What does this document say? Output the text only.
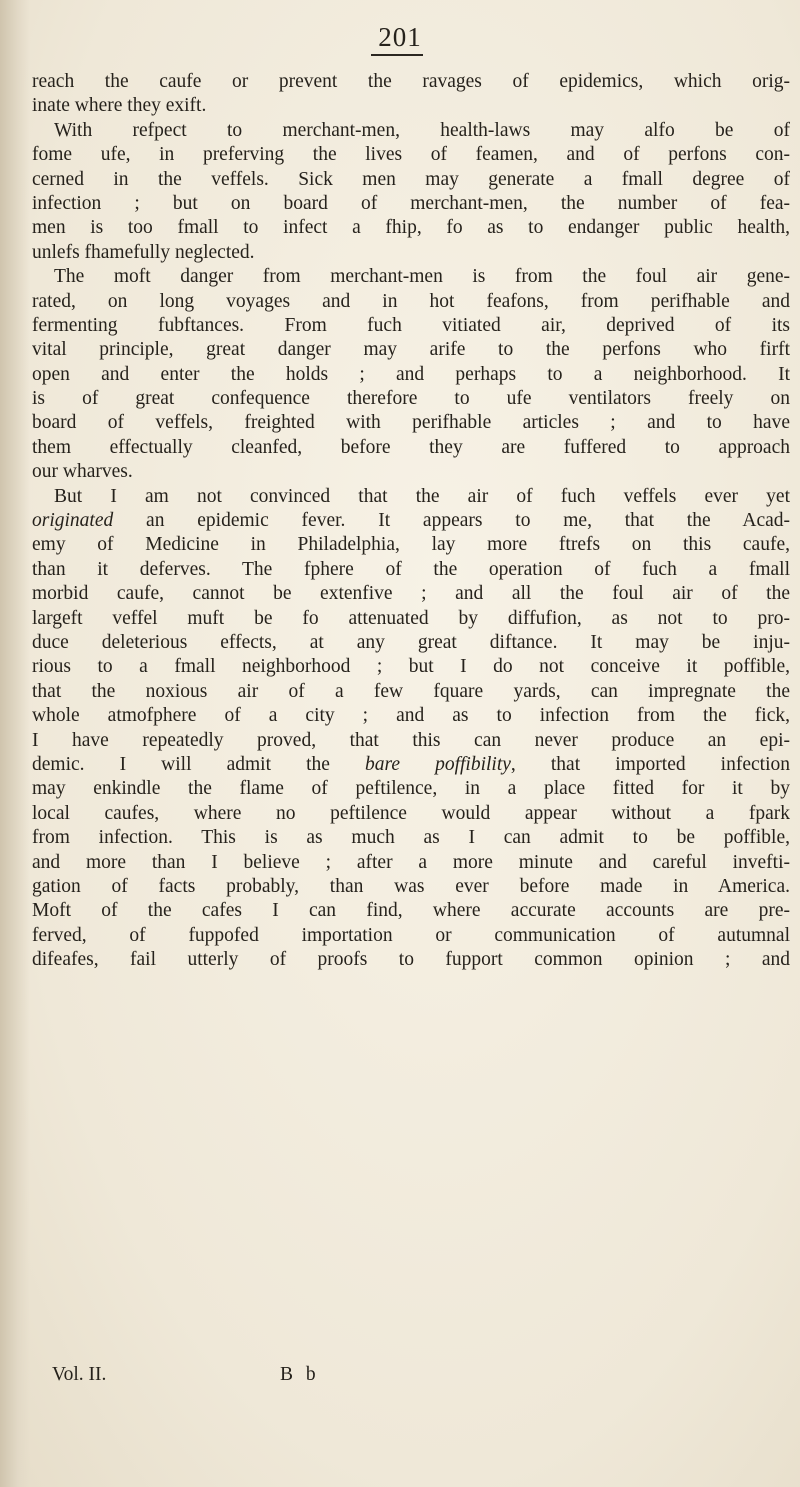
201
reach the caufe or prevent the ravages of epidemics, which orig-
inate where they exift.
With refpect to merchant-men, health-laws may alfo be of
fome ufe, in preferving the lives of feamen, and of perfons con-
cerned in the veffels. Sick men may generate a fmall degree of
infection ; but on board of merchant-men, the number of fea-
men is too fmall to infect a fhip, fo as to endanger public health,
unlefs fhamefully neglected.
The moft danger from merchant-men is from the foul air gene-
rated, on long voyages and in hot feafons, from perifhable and
fermenting fubftances. From fuch vitiated air, deprived of its
vital principle, great danger may arife to the perfons who firft
open and enter the holds ; and perhaps to a neighborhood. It
is of great confequence therefore to ufe ventilators freely on
board of veffels, freighted with perifhable articles ; and to have
them effectually cleanfed, before they are fuffered to approach
our wharves.
But I am not convinced that the air of fuch veffels ever yet
originated an epidemic fever. It appears to me, that the Acad-
emy of Medicine in Philadelphia, lay more ftrefs on this caufe,
than it deferves. The fphere of the operation of fuch a fmall
morbid caufe, cannot be extenfive ; and all the foul air of the
largeft veffel muft be fo attenuated by diffufion, as not to pro-
duce deleterious effects, at any great diftance. It may be inju-
rious to a fmall neighborhood ; but I do not conceive it poffible,
that the noxious air of a few fquare yards, can impregnate the
whole atmofphere of a city ; and as to infection from the fick,
I have repeatedly proved, that this can never produce an epi-
demic. I will admit the bare poffibility, that imported infection
may enkindle the flame of peftilence, in a place fitted for it by
local caufes, where no peftilence would appear without a fpark
from infection. This is as much as I can admit to be poffible,
and more than I believe ; after a more minute and careful invefti-
gation of facts probably, than was ever before made in America.
Moft of the cafes I can find, where accurate accounts are pre-
ferved, of fuppofed importation or communication of autumnal
difeafes, fail utterly of proofs to fupport common opinion ; and
Vol. II.	B b
